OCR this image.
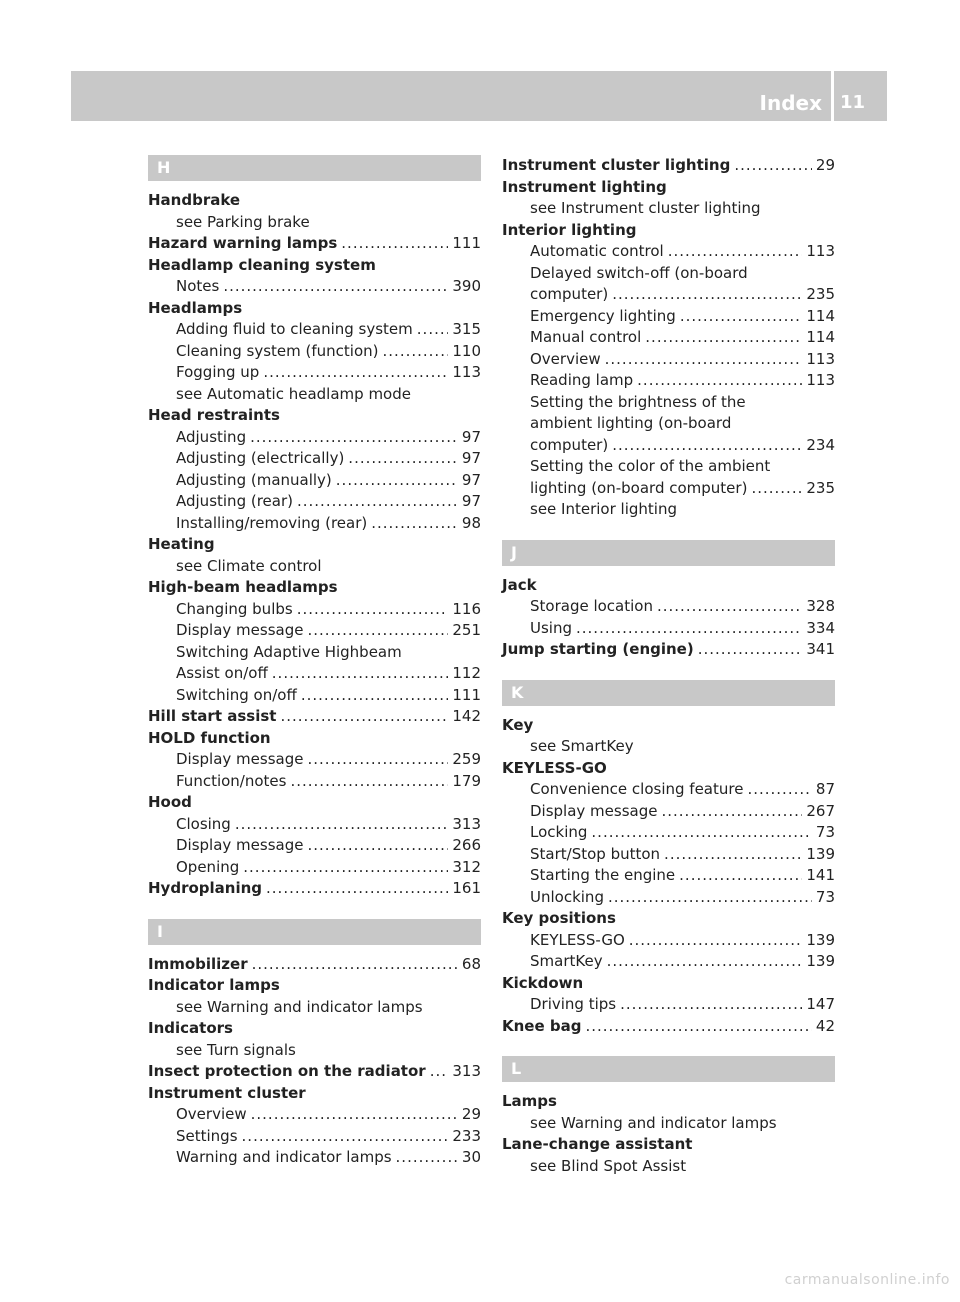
Index 11
H
Handbrake
see Parking brake
Hazard warning lamps .....	111
Headlamp cleaning system
Notes .....	390
Headlamps
Adding fluid to cleaning system .....	315
Cleaning system (function) .....	110
Fogging up .....	113
see Automatic headlamp mode
Head restraints
Adjusting .....	97
Adjusting (electrically) .....	97
Adjusting (manually) .....	97
Adjusting (rear) .....	97
Installing/removing (rear) .....	98
Heating
see Climate control
High-beam headlamps
Changing bulbs .....	116
Display message .....	251
Switching Adaptive Highbeam
Assist on/off .....	112
Switching on/off .....	111
Hill start assist .....	142
HOLD function
Display message .....	259
Function/notes .....	179
Hood
Closing .....	313
Display message .....	266
Opening .....	312
Hydroplaning .....	161
I
Immobilizer .....	68
Indicator lamps
see Warning and indicator lamps
Indicators
see Turn signals
Insect protection on the radiator ..... 313
Instrument cluster
Overview .....	29
Settings .....	233
Warning and indicator lamps .....	30
Instrument cluster lighting .....	29
Instrument lighting
see Instrument cluster lighting
Interior lighting
Automatic control .....	113
Delayed switch-off (on-board
computer) .....	235
Emergency lighting .....	114
Manual control .....	114
Overview .....	113
Reading lamp .....	113
Setting the brightness of the
ambient lighting (on-board
computer) .....	234
Setting the color of the ambient
lighting (on-board computer) .....	235
see Interior lighting
J
Jack
Storage location .....	328
Using .....	334
Jump starting (engine) .....	341
K
Key
see SmartKey
KEYLESS-GO
Convenience closing feature .....	87
Display message .....	267
Locking .....	73
Start/Stop button .....	139
Starting the engine .....	141
Unlocking .....	73
Key positions
KEYLESS-GO .....	139
SmartKey .....	139
Kickdown
Driving tips .....	147
Knee bag .....	42
L
Lamps
see Warning and indicator lamps
Lane-change assistant
see Blind Spot Assist
carmanualsonline.info
